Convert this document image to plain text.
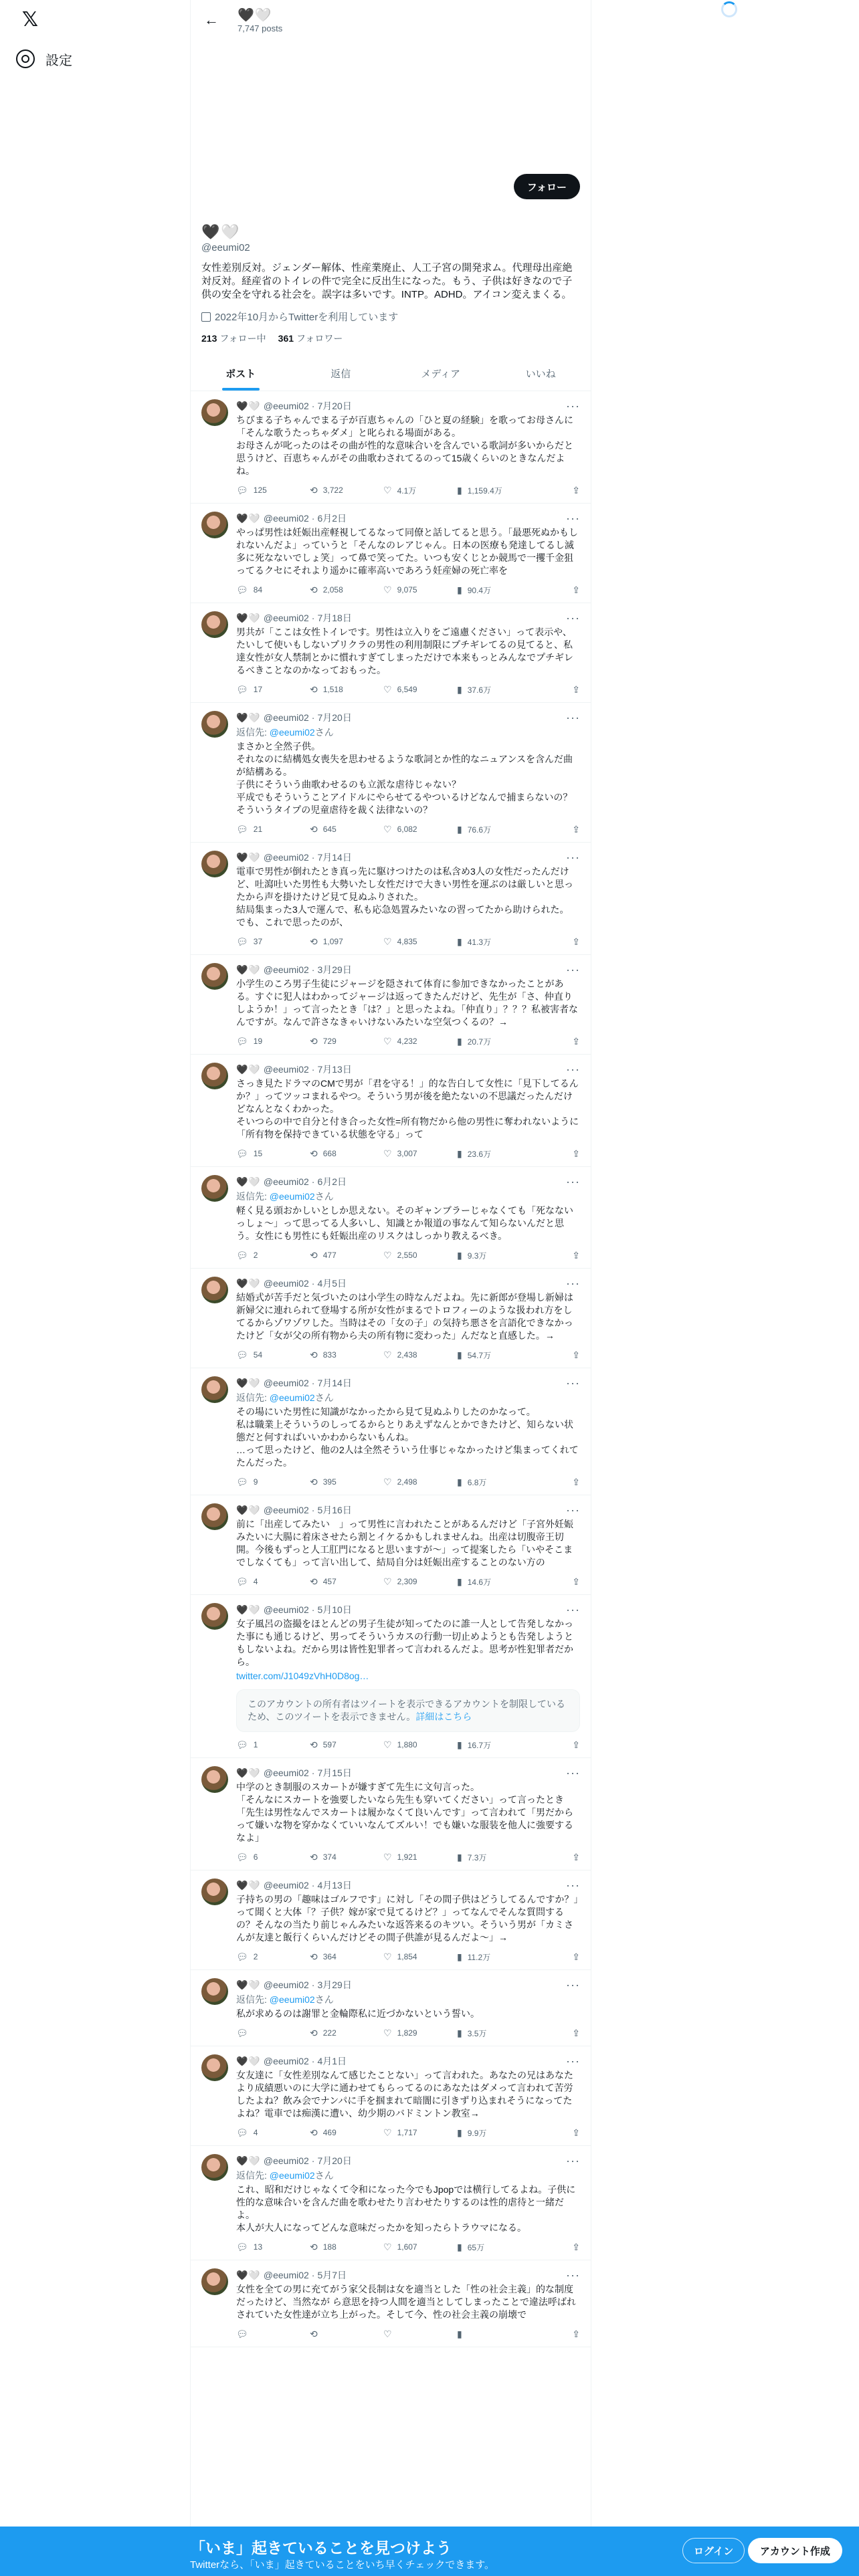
𝕏
設定
←	🖤🤍
7,747 posts
フォロー
🖤🤍
@eeumi02
女性差別反対。ジェンダー解体、性産業廃止、人工子宮の開発求ム。代理母出産絶対反対。経産省のトイレの件で完全に反出生になった。もう、子供は好きなので子供の安全を守れる社会を。誤字は多いです。INTP。ADHD。アイコン変えまくる。
2022年10月からTwitterを利用しています
213 フォロー中 361 フォロワー
ポスト	返信	メディア	いいね
🖤🤍 @eeumi02 · 7月20日	···
ちびまる子ちゃんでまる子が百恵ちゃんの「ひと夏の経験」を歌ってお母さんに「そんな歌うたっちゃダメ」と叱られる場面がある。
お母さんが叱ったのはその曲が性的な意味合いを含んでいる歌詞が多いからだと思うけど、百恵ちゃんがその曲歌わされてるのって15歳くらいのときなんだよね。
💬︎ 125	⟲ 3,722	♡ 4.1万	▮ 1,159.4万	⇪
🖤🤍 @eeumi02 · 6月2日	···
やっぱ男性は妊娠出産軽視してるなって同僚と話してると思う。「最悪死ぬかもしれないんだよ」っていうと「そんなのレアじゃん。日本の医療も発達してるし滅多に死なないでしょ笑」って鼻で笑ってた。いつも安くじとか競馬で一攫千金狙ってるクセにそれより遥かに確率高いであろう妊産婦の死亡率を
💬︎ 84	⟲ 2,058	♡ 9,075	▮ 90.4万	⇪
🖤🤍 @eeumi02 · 7月18日	···
男共が「ここは女性トイレです。男性は立入りをご遠慮ください」って表示や、たいして使いもしないプリクラの男性の利用制限にプチギレてるの見てると、私達女性が女人禁制とかに慣れすぎてしまっただけで本来もっとみんなでプチギレるべきことなのかなっておもった。
💬︎ 17	⟲ 1,518	♡ 6,549	▮ 37.6万	⇪
🖤🤍 @eeumi02 · 7月20日	···
返信先: @eeumi02さん
まさかと全然子供。
それなのに結構処女喪失を思わせるような歌詞とか性的なニュアンスを含んだ曲が結構ある。
子供にそういう曲歌わせるのも立派な虐待じゃない？
平成でもそういうことアイドルにやらせてるやついるけどなんで捕まらないの？
そういうタイプの児童虐待を裁く法律ないの？
💬︎ 21	⟲ 645	♡ 6,082	▮ 76.6万	⇪
🖤🤍 @eeumi02 · 7月14日	···
電車で男性が倒れたとき真っ先に駆けつけたのは私含め3人の女性だったんだけど、吐瀉吐いた男性も大勢いたし女性だけで大きい男性を運ぶのは厳しいと思ったから声を掛けたけど見て見ぬふりされた。
結局集まった3人で運んで、私も応急処置みたいなの習ってたから助けられた。
でも、これで思ったのが、
💬︎ 37	⟲ 1,097	♡ 4,835	▮ 41.3万	⇪
🖤🤍 @eeumi02 · 3月29日	···
小学生のころ男子生徒にジャージを隠されて体育に参加できなかったことがある。すぐに犯人はわかってジャージは返ってきたんだけど、先生が「さ、仲直りしようか！」って言ったとき「は？」と思ったよね。「仲直り」？？？私被害者なんですが。なんで許さなきゃいけないみたいな空気つくるの？→
💬︎ 19	⟲ 729	♡ 4,232	▮ 20.7万	⇪
🖤🤍 @eeumi02 · 7月13日	···
さっき見たドラマのCMで男が「君を守る！」的な告白して女性に「見下してるんか？」ってツッコまれるやつ。そういう男が後を絶たないの不思議だったんだけどなんとなくわかった。
そいつらの中で自分と付き合った女性=所有物だから他の男性に奪われないように「所有物を保持できている状態を守る」って
💬︎ 15	⟲ 668	♡ 3,007	▮ 23.6万	⇪
🖤🤍 @eeumi02 · 6月2日	···
返信先: @eeumi02さん
軽く見る頭おかしいとしか思えない。そのギャンブラーじゃなくても「死なないっしょ〜」って思ってる人多いし、知識とか報道の事なんて知らないんだと思う。女性にも男性にも妊娠出産のリスクはしっかり教えるべき。
💬︎ 2	⟲ 477	♡ 2,550	▮ 9.3万	⇪
🖤🤍 @eeumi02 · 4月5日	···
結婚式が苦手だと気づいたのは小学生の時なんだよね。先に新郎が登場し新婦は新婦父に連れられて登場する所が女性がまるでトロフィーのような扱われ方をしてるからゾワゾワした。当時はその「女の子」の気持ち悪さを言語化できなかったけど「女が父の所有物から夫の所有物に変わった」んだなと直感した。→
💬︎ 54	⟲ 833	♡ 2,438	▮ 54.7万	⇪
🖤🤍 @eeumi02 · 7月14日	···
返信先: @eeumi02さん
その場にいた男性に知識がなかったから見て見ぬふりしたのかなって。
私は職業上そういうのしってるからとりあえずなんとかできたけど、知らない状態だと何すればいいかわからないもんね。
…って思ったけど、他の2人は全然そういう仕事じゃなかったけど集まってくれてたんだった。
💬︎ 9	⟲ 395	♡ 2,498	▮ 6.8万	⇪
🖤🤍 @eeumi02 · 5月16日	···
前に「出産してみたい　」って男性に言われたことがあるんだけど「子宮外妊娠みたいに大腸に着床させたら割とイケるかもしれませんね。出産は切腹帝王切開。今後もずっと人工肛門になると思いますが～」って提案したら「いやそこまでしなくても」って言い出して、結局自分は妊娠出産することのない方の
💬︎ 4	⟲ 457	♡ 2,309	▮ 14.6万	⇪
🖤🤍 @eeumi02 · 5月10日	···
女子風呂の盗撮をほとんどの男子生徒が知ってたのに誰一人として告発しなかった事にも通じるけど、男ってそういうカスの行動一切止めようとも告発しようともしないよね。だから男は皆性犯罪者って言われるんだよ。思考が性犯罪者だから。
twitter.com/J1049zVhH0D8og…
このアカウントの所有者はツイートを表示できるアカウントを制限しているため、このツイートを表示できません。詳細はこちら
💬︎ 1	⟲ 597	♡ 1,880	▮ 16.7万	⇪
🖤🤍 @eeumi02 · 7月15日	···
中学のとき制服のスカートが嫌すぎて先生に文句言った。
「そんなにスカートを強要したいなら先生も穿いてください」って言ったとき「先生は男性なんでスカートは履かなくて良いんです」って言われて「男だからって嫌いな物を穿かなくていいなんてズルい！でも嫌いな服装を他人に強要するなよ」
💬︎ 6	⟲ 374	♡ 1,921	▮ 7.3万	⇪
🖤🤍 @eeumi02 · 4月13日	···
子持ちの男の「趣味はゴルフです」に対し「その間子供はどうしてるんですか？」って聞くと大体「？子供？嫁が家で見てるけど？」ってなんでそんな質問するの？そんなの当たり前じゃんみたいな返答来るのキツい。そういう男が「カミさんが友達と飯行くらいんだけどその間子供誰が見るんだよ～」→
💬︎ 2	⟲ 364	♡ 1,854	▮ 11.2万	⇪
🖤🤍 @eeumi02 · 3月29日	···
返信先: @eeumi02さん
私が求めるのは謝罪と金輪際私に近づかないという誓い。
💬︎	⟲ 222	♡ 1,829	▮ 3.5万	⇪
🖤🤍 @eeumi02 · 4月1日	···
女友達に「女性差別なんて感じたことない」って言われた。あなたの兄はあなたより成績悪いのに大学に通わせてもらってるのにあなたはダメって言われて苦労したよね？飲み会でナンパに手を掴まれて暗闇に引きずり込まれそうになってたよね？電車では痴漢に遭い、幼少期のバドミントン教室→
💬︎ 4	⟲ 469	♡ 1,717	▮ 9.9万	⇪
🖤🤍 @eeumi02 · 7月20日	···
返信先: @eeumi02さん
これ、昭和だけじゃなくて令和になった今でもJpopでは横行してるよね。子供に性的な意味合いを含んだ曲を歌わせたり言わせたりするのは性的虐待と一緒だよ。
本人が大人になってどんな意味だったかを知ったらトラウマになる。
💬︎ 13	⟲ 188	♡ 1,607	▮ 65万	⇪
🖤🤍 @eeumi02 · 5月7日	···
女性を全ての男に充てがう家父長制は女を適当とした「性の社会主義」的な制度だったけど、当然なが ら意思を持つ人間を適当としてしまったことで違法呼ばれされていた女性達が立ち上がった。そして今、性の社会主義の崩壊で
💬︎	⟲	♡	▮	⇪
「いま」起きていることを見つけよう
Twitterなら、「いま」起きていることをいち早くチェックできます。
ログイン	アカウント作成
